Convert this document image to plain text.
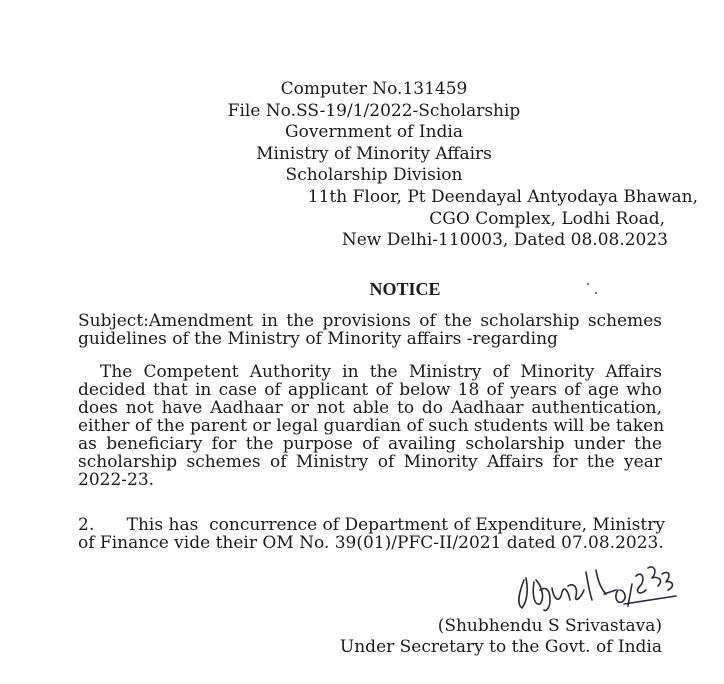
Computer No.131459
File No.SS-19/1/2022-Scholarship
Government of India
Ministry of Minority Affairs
Scholarship Division
11th Floor, Pt Deendayal Antyodaya Bhawan,
CGO Complex, Lodhi Road,
New Delhi-110003, Dated 08.08.2023
NOTICE
Subject:Amendment in the provisions of the scholarship schemes
guidelines of the Ministry of Minority affairs -regarding
The Competent Authority in the Ministry of Minority Affairs
decided that in case of applicant of below 18 of years of age who
does not have Aadhaar or not able to do Aadhaar authentication,
either of the parent or legal guardian of such students will be taken
as beneficiary for the purpose of availing scholarship under the
scholarship schemes of Ministry of Minority Affairs for the year
2022-23.
2.      This has  concurrence of Department of Expenditure, Ministry
of Finance vide their OM No. 39(01)/PFC-II/2021 dated 07.08.2023.
(Shubhendu S Srivastava)
Under Secretary to the Govt. of India
